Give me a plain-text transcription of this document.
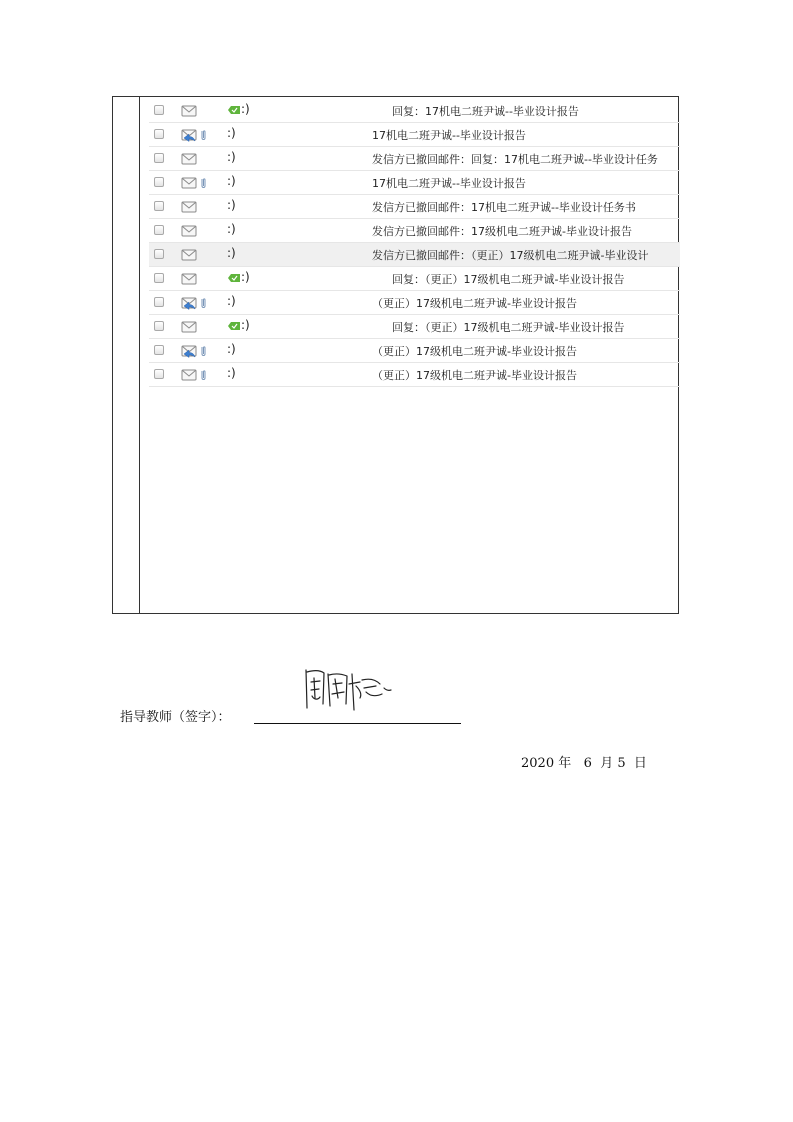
:)	回复：17机电二班尹诚--毕业设计报告
:)	17机电二班尹诚--毕业设计报告
:)	发信方已撤回邮件：回复：17机电二班尹诚--毕业设计任务
:)	17机电二班尹诚--毕业设计报告
:)	发信方已撤回邮件：17机电二班尹诚--毕业设计任务书
:)	发信方已撤回邮件：17级机电二班尹诚-毕业设计报告
:)	发信方已撤回邮件：（更正）17级机电二班尹诚-毕业设计
:)	回复：（更正）17级机电二班尹诚-毕业设计报告
:)	（更正）17级机电二班尹诚-毕业设计报告
:)	回复：（更正）17级机电二班尹诚-毕业设计报告
:)	（更正）17级机电二班尹诚-毕业设计报告
:)	（更正）17级机电二班尹诚-毕业设计报告
指导教师（签字）：
2020 年 6 月 5 日
